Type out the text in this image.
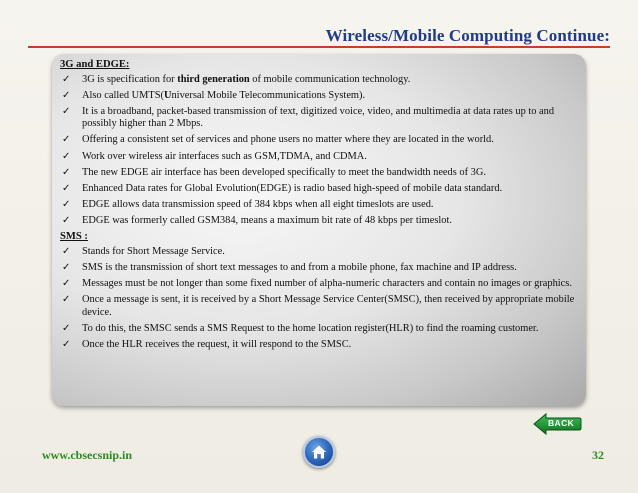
Wireless/Mobile Computing Continue:
3G and EDGE:
✓ 3G is specification for third generation of mobile communication technology.
✓ Also called UMTS(Universal Mobile Telecommunications System).
✓ It is a broadband, packet-based transmission of text, digitized voice, video, and multimedia at data rates up to and possibly higher than 2 Mbps.
✓ Offering a consistent set of services and phone users no matter where they are located in the world.
✓ Work over wireless air interfaces such as GSM,TDMA, and CDMA.
✓ The new EDGE air interface has been developed specifically to meet the bandwidth needs of 3G.
✓ Enhanced Data rates for Global Evolution(EDGE) is radio based high-speed of mobile data standard.
✓ EDGE allows data transmission speed of 384 kbps when all eight timeslots are used.
✓ EDGE was formerly called GSM384, means a maximum bit rate of 48 kbps per timeslot.
SMS :
✓ Stands for Short Message Service.
✓ SMS is the transmission of short text messages to and from a mobile phone, fax machine and IP address.
✓ Messages must be not longer than some fixed number of alpha-numeric characters and contain no images or graphics.
✓ Once a message is sent, it is received by a Short Message Service Center(SMSC), then received by appropriate mobile device.
✓ To do this, the SMSC sends a SMS Request to the home location register(HLR) to find the roaming customer.
✓ Once the HLR receives the request, it will respond to the SMSC.
BACK
www.cbsecsnip.in	32
